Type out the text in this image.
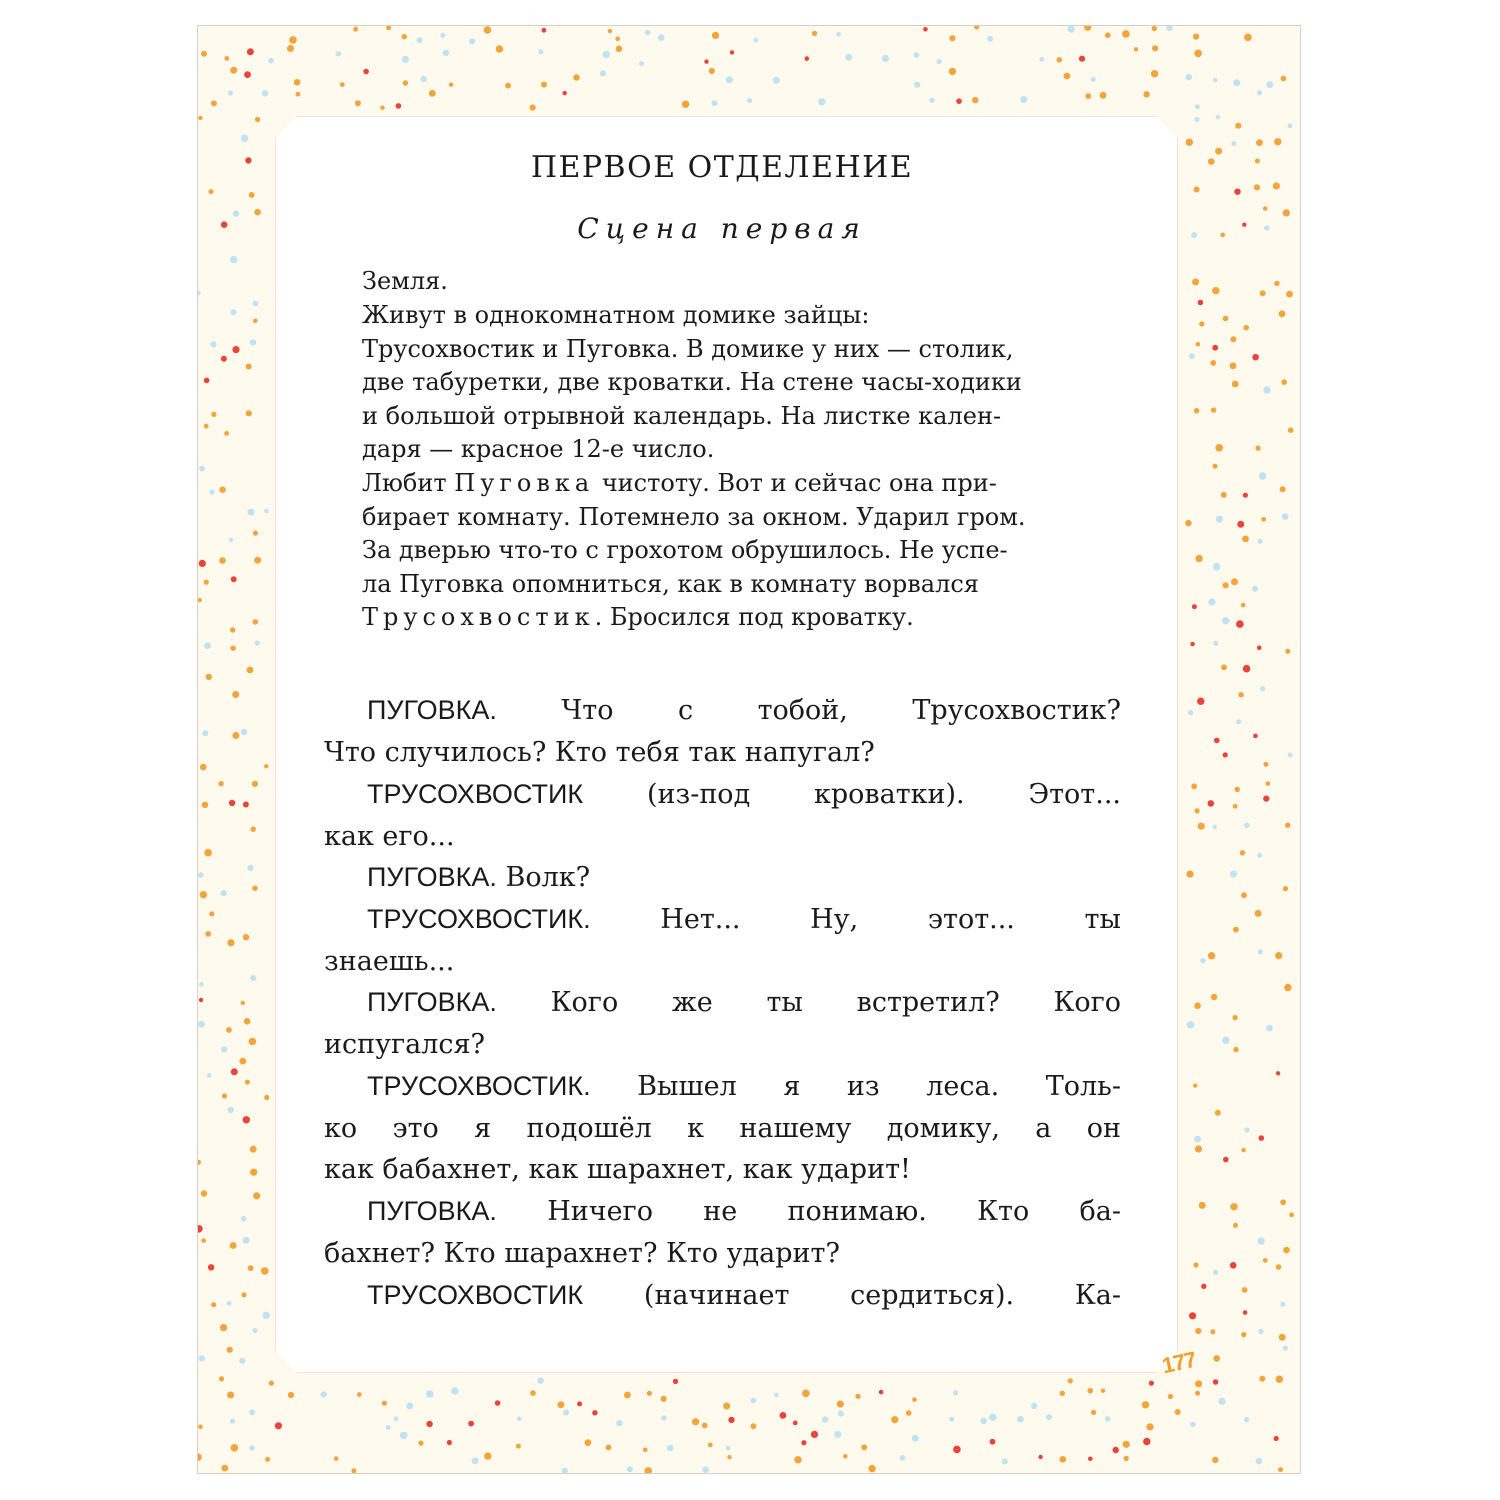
ПЕРВОЕ ОТДЕЛЕНИЕ
Сцена первая
Земля.
Живут в однокомнатном домике зайцы:
Трусохвостик и Пуговка. В домике у них — столик,
две табуретки, две кроватки. На стене часы-ходики
и большой отрывной календарь. На листке кален-
даря — красное 12-е число.
Любит Пуговка чистоту. Вот и сейчас она при-
бирает комнату. Потемнело за окном. Ударил гром.
За дверью что-то с грохотом обрушилось. Не успе-
ла Пуговка опомниться, как в комнату ворвался
Трусохвостик. Бросился под кроватку.
ПУГОВКА. Что с тобой, Трусохвостик?
Что случилось? Кто тебя так напугал?
ТРУСОХВОСТИК (из-под кроватки). Этот...
как его...
ПУГОВКА. Волк?
ТРУСОХВОСТИК.	Нет... Ну, этот... ты
знаешь...
ПУГОВКА. Кого же ты встретил? Кого
испугался?
ТРУСОХВОСТИК. Вышел я из леса. Толь-
ко это я подошёл к нашему домику, а он
как бабахнет, как шарахнет, как ударит!
ПУГОВКА. Ничего не понимаю. Кто ба-
бахнет? Кто шарахнет? Кто ударит?
ТРУСОХВОСТИК (начинает сердиться). Ка-
177
